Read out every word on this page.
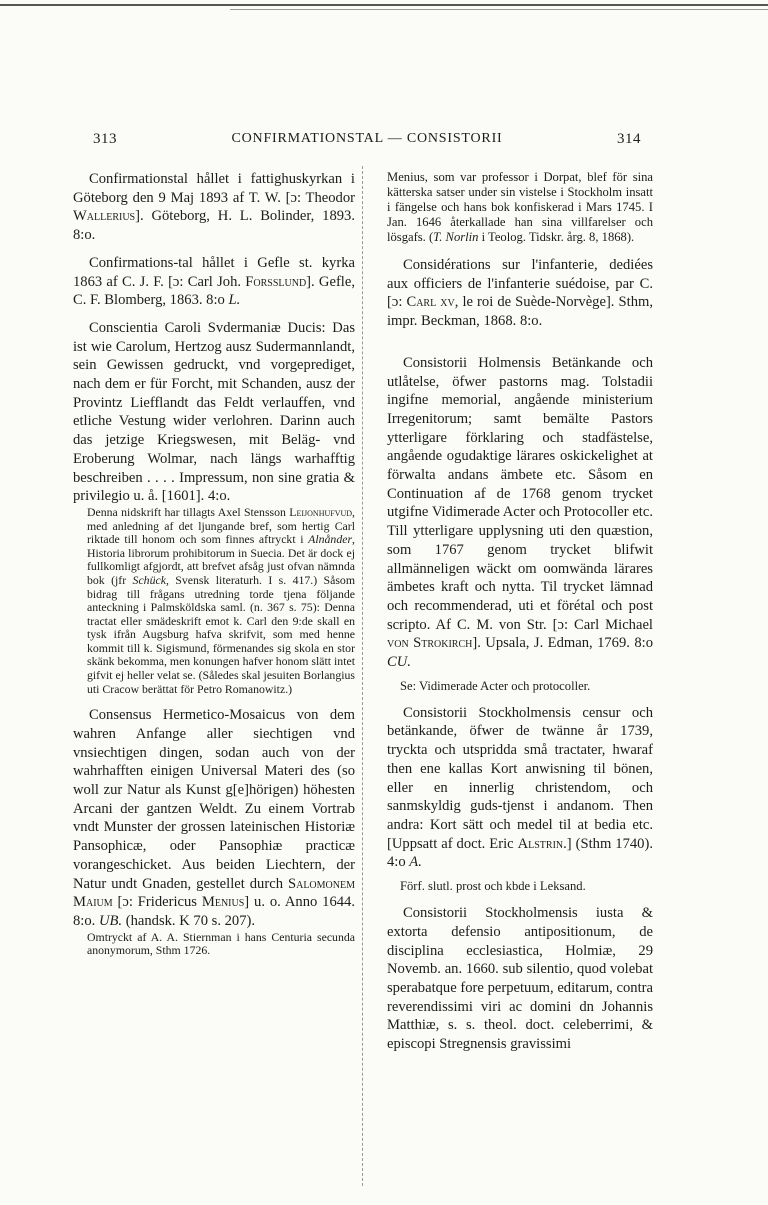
313	CONFIRMATIONSTAL — CONSISTORII	314

Confirmationstal hållet i fattighuskyrkan i Göteborg den 9 Maj 1893 af T. W. [ɔ: Theodor Wallerius]. Göteborg, H. L. Bolinder, 1893. 8:o.

Confirmations-tal hållet i Gefle st. kyrka 1863 af C. J. F. [ɔ: Carl Joh. Forsslund]. Gefle, C. F. Blomberg, 1863. 8:o L.

Conscientia Caroli Svdermaniæ Ducis: Das ist wie Carolum, Hertzog ausz Sudermannlandt, sein Gewissen gedruckt, vnd vorgeprediget, nach dem er für Forcht, mit Schanden, ausz der Provintz Liefflandt das Feldt verlauffen, vnd etliche Vestung wider verlohren. Darinn auch das jetzige Kriegswesen, mit Beläg- vnd Eroberung Wolmar, nach längs warhafftig beschreiben . . . . Impressum, non sine gratia & privilegio u. å. [1601]. 4:o.

Denna nidskrift har tillagts Axel Stensson Leijonhufvud, med anledning af det ljungande bref, som hertig Carl riktade till honom och som finnes aftryckt i Alnånder, Historia librorum prohibitorum in Suecia. Det är dock ej fullkomligt afgjordt, att brefvet afsåg just ofvan nämnda bok (jfr Schück, Svensk literaturh. I s. 417.) Såsom bidrag till frågans utredning torde tjena följande anteckning i Palmsköldska saml. (n. 367 s. 75): Denna tractat eller smädeskrift emot k. Carl den 9:de skall en tysk ifrån Augsburg hafva skrifvit, som med henne kommit till k. Sigismund, förmenandes sig skola en stor skänk bekomma, men konungen hafver honom slätt intet gifvit ej heller velat se. (Således skal jesuiten Borlangius uti Cracow berättat för Petro Romanowitz.)

Consensus Hermetico-Mosaicus von dem wahren Anfange aller siechtigen vnd vnsiechtigen dingen, sodan auch von der wahrhafften einigen Universal Materi des (so woll zur Natur als Kunst g[e]hörigen) höhesten Arcani der gantzen Weldt. Zu einem Vortrab vndt Munster der grossen lateinischen Historiæ Pansophicæ, oder Pansophiæ practicæ vorangeschicket. Aus beiden Liechtern, der Natur undt Gnaden, gestellet durch Salomonem Maium [ɔ: Fridericus Menius] u. o. Anno 1644. 8:o. UB. (handsk. K 70 s. 207).

Omtryckt af A. A. Stiernman i hans Centuria secunda anonymorum, Sthm 1726.

Menius, som var professor i Dorpat, blef för sina kätterska satser under sin vistelse i Stockholm insatt i fängelse och hans bok konfiskerad i Mars 1745. I Jan. 1646 återkallade han sina villfarelser och lösgafs. (T. Norlin i Teolog. Tidskr. årg. 8, 1868).

Considérations sur l'infanterie, dediées aux officiers de l'infanterie suédoise, par C. [ɔ: Carl xv, le roi de Suède-Norvège]. Sthm, impr. Beckman, 1868. 8:o.

Consistorii Holmensis Betänkande och utlåtelse, öfwer pastorns mag. Tolstadii ingifne memorial, angående ministerium Irregenitorum; samt bemälte Pastors ytterligare förklaring och stadfästelse, angående ogudaktige lärares oskickelighet at förwalta andans ämbete etc. Såsom en Continuation af de 1768 genom trycket utgifne Vidimerade Acter och Protocoller etc. Till ytterligare upplysning uti den quæstion, som 1767 genom trycket blifwit allmänneligen wäckt om oomwända lärares ämbetes kraft och nytta. Til trycket lämnad och recommenderad, uti et förétal och post scripto. Af C. M. von Str. [ɔ: Carl Michael von Strokirch]. Upsala, J. Edman, 1769. 8:o CU.

Se: Vidimerade Acter och protocoller.

Consistorii Stockholmensis censur och betänkande, öfwer de twänne år 1739, tryckta och utspridda små tractater, hwaraf then ene kallas Kort anwisning til bönen, eller en innerlig christendom, och sanmskyldig guds-tjenst i andanom. Then andra: Kort sätt och medel til at bedia etc. [Uppsatt af doct. Eric Alstrin.] (Sthm 1740). 4:o A.

Förf. slutl. prost och kbde i Leksand.

Consistorii Stockholmensis iusta & extorta defensio antipositionum, de disciplina ecclesiastica, Holmiæ, 29 Novemb. an. 1660. sub silentio, quod volebat sperabatque fore perpetuum, editarum, contra reverendissimi viri ac domini dn Johannis Matthiæ, s. s. theol. doct. celeberrimi, & episcopi Stregnensis gravissimi
